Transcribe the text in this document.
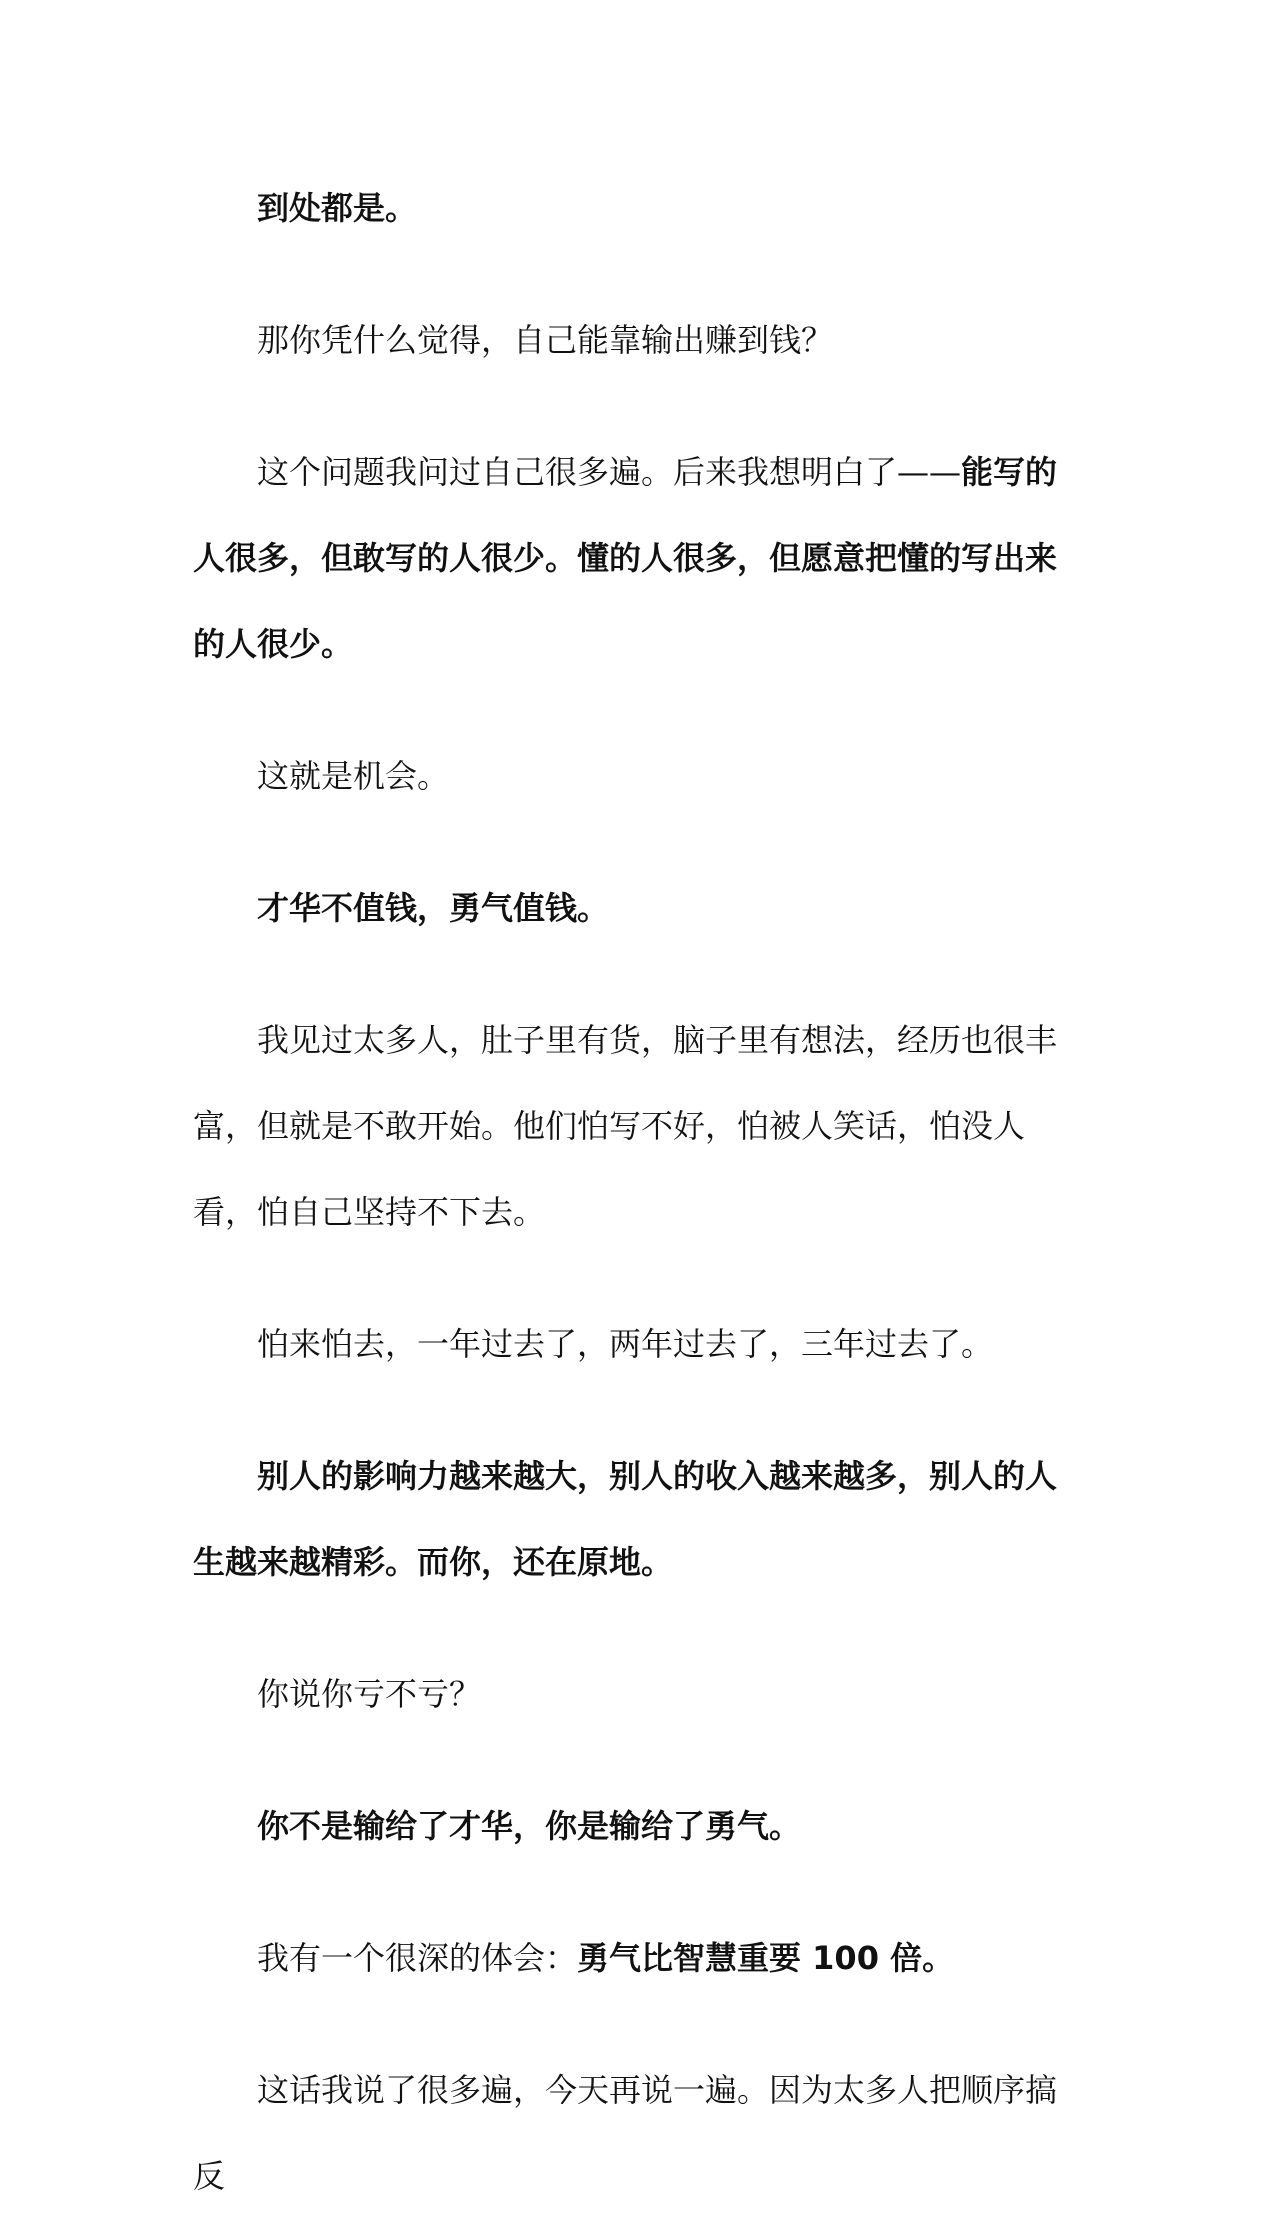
到处都是。

那你凭什么觉得，自己能靠输出赚到钱？

这个问题我问过自己很多遍。后来我想明白了——能写的人很多，但敢写的人很少。懂的人很多，但愿意把懂的写出来的人很少。

这就是机会。

才华不值钱，勇气值钱。

我见过太多人，肚子里有货，脑子里有想法，经历也很丰富，但就是不敢开始。他们怕写不好，怕被人笑话，怕没人看，怕自己坚持不下去。

怕来怕去，一年过去了，两年过去了，三年过去了。

别人的影响力越来越大，别人的收入越来越多，别人的人生越来越精彩。而你，还在原地。

你说你亏不亏？

你不是输给了才华，你是输给了勇气。

我有一个很深的体会：勇气比智慧重要 100 倍。

这话我说了很多遍，今天再说一遍。因为太多人把顺序搞反
